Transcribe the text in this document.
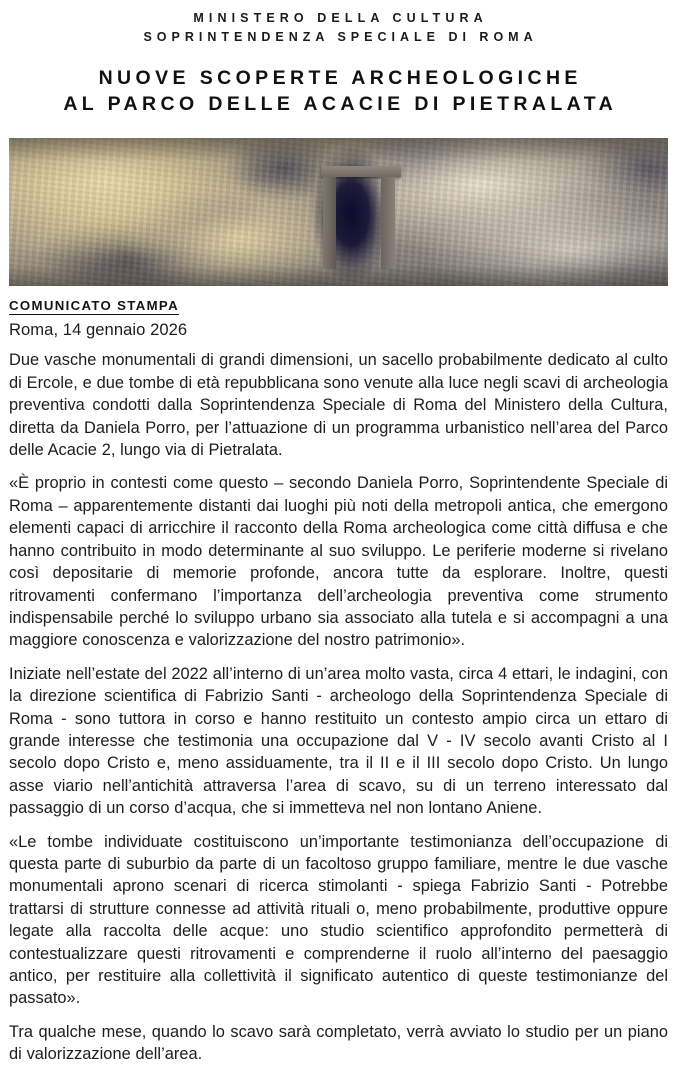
MINISTERO DELLA CULTURA
SOPRINTENDENZA SPECIALE DI ROMA
NUOVE SCOPERTE ARCHEOLOGICHE
AL PARCO DELLE ACACIE DI PIETRALATA
COMUNICATO STAMPA
Roma, 14 gennaio 2026

Due vasche monumentali di grandi dimensioni, un sacello probabilmente dedicato al culto di Ercole, e due tombe di età repubblicana sono venute alla luce negli scavi di archeologia preventiva condotti dalla Soprintendenza Speciale di Roma del Ministero della Cultura, diretta da Daniela Porro, per l’attuazione di un programma urbanistico nell’area del Parco delle Acacie 2, lungo via di Pietralata.

«È proprio in contesti come questo – secondo Daniela Porro, Soprintendente Speciale di Roma – apparentemente distanti dai luoghi più noti della metropoli antica, che emergono elementi capaci di arricchire il racconto della Roma archeologica come città diffusa e che hanno contribuito in modo determinante al suo sviluppo. Le periferie moderne si rivelano così depositarie di memorie profonde, ancora tutte da esplorare. Inoltre, questi ritrovamenti confermano l’importanza dell’archeologia preventiva come strumento indispensabile perché lo sviluppo urbano sia associato alla tutela e si accompagni a una maggiore conoscenza e valorizzazione del nostro patrimonio».

Iniziate nell’estate del 2022 all’interno di un’area molto vasta, circa 4 ettari, le indagini, con la direzione scientifica di Fabrizio Santi - archeologo della Soprintendenza Speciale di Roma - sono tuttora in corso e hanno restituito un contesto ampio circa un ettaro di grande interesse che testimonia una occupazione dal V - IV secolo avanti Cristo al I secolo dopo Cristo e, meno assiduamente, tra il II e il III secolo dopo Cristo. Un lungo asse viario nell’antichità attraversa l’area di scavo, su di un terreno interessato dal passaggio di un corso d’acqua, che si immetteva nel non lontano Aniene.

«Le tombe individuate costituiscono un’importante testimonianza dell’occupazione di questa parte di suburbio da parte di un facoltoso gruppo familiare, mentre le due vasche monumentali aprono scenari di ricerca stimolanti - spiega Fabrizio Santi - Potrebbe trattarsi di strutture connesse ad attività rituali o, meno probabilmente, produttive oppure legate alla raccolta delle acque: uno studio scientifico approfondito permetterà di contestualizzare questi ritrovamenti e comprenderne il ruolo all’interno del paesaggio antico, per restituire alla collettività il significato autentico di queste testimonianze del passato».

Tra qualche mese, quando lo scavo sarà completato, verrà avviato lo studio per un piano di valorizzazione dell’area.
